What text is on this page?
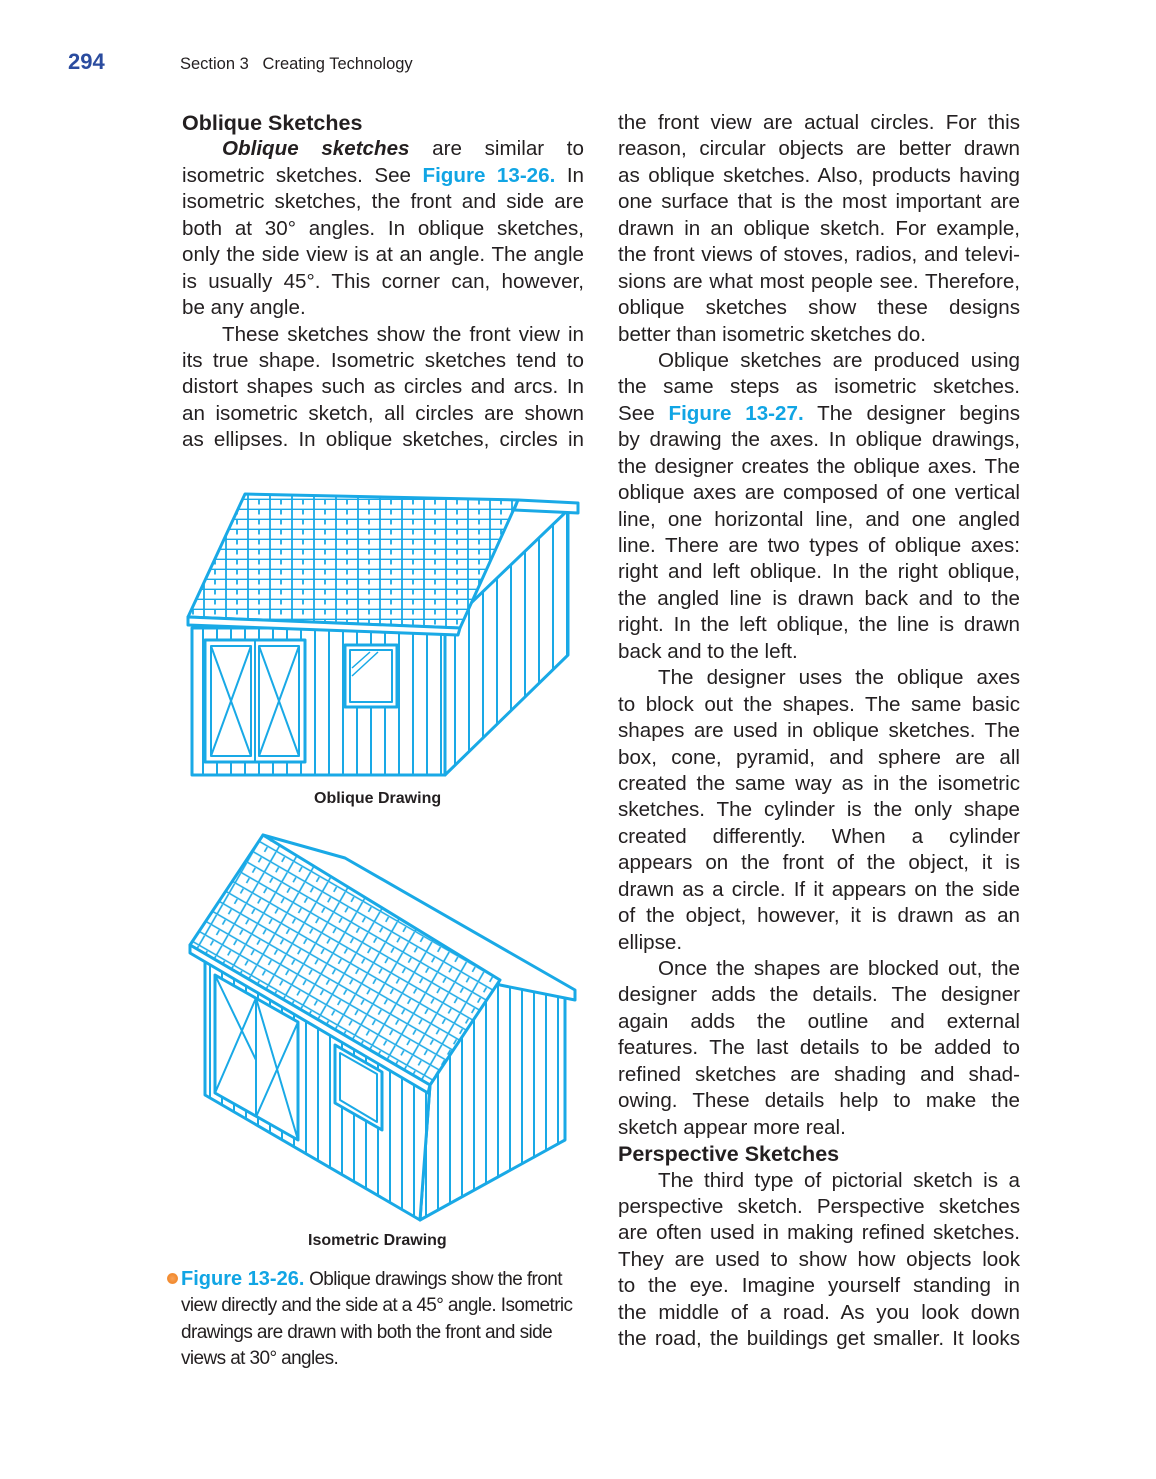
294	Section 3   Creating Technology
Oblique Sketches
Oblique sketches are similar to
isometric sketches. See Figure 13-26. In
isometric sketches, the front and side are
both at 30° angles. In oblique sketches,
only the side view is at an angle. The angle
is usually 45°. This corner can, however,
be any angle.
These sketches show the front view in
its true shape. Isometric sketches tend to
distort shapes such as circles and arcs. In
an isometric sketch, all circles are shown
as ellipses. In oblique sketches, circles in
the front view are actual circles. For this
reason, circular objects are better drawn
as oblique sketches. Also, products having
one surface that is the most important are
drawn in an oblique sketch. For example,
the front views of stoves, radios, and televi-
sions are what most people see. Therefore,
oblique sketches show these designs
better than isometric sketches do.
Oblique sketches are produced using
the same steps as isometric sketches.
See Figure 13-27. The designer begins
by drawing the axes. In oblique drawings,
the designer creates the oblique axes. The
oblique axes are composed of one vertical
line, one horizontal line, and one angled
line. There are two types of oblique axes:
right and left oblique. In the right oblique,
the angled line is drawn back and to the
right. In the left oblique, the line is drawn
back and to the left.
The designer uses the oblique axes
to block out the shapes. The same basic
shapes are used in oblique sketches. The
box, cone, pyramid, and sphere are all
created the same way as in the isometric
sketches. The cylinder is the only shape
created differently. When a cylinder
appears on the front of the object, it is
drawn as a circle. If it appears on the side
of the object, however, it is drawn as an
ellipse.
Once the shapes are blocked out, the
designer adds the details. The designer
again adds the outline and external
features. The last details to be added to
refined sketches are shading and shad-
owing. These details help to make the
sketch appear more real.
Perspective Sketches
The third type of pictorial sketch is a
perspective sketch. Perspective sketches
are often used in making refined sketches.
They are used to show how objects look
to the eye. Imagine yourself standing in
the middle of a road. As you look down
the road, the buildings get smaller. It looks
Oblique Drawing
Isometric Drawing
Figure 13-26. Oblique drawings show the front
view directly and the side at a 45° angle. Isometric
drawings are drawn with both the front and side
views at 30° angles.
